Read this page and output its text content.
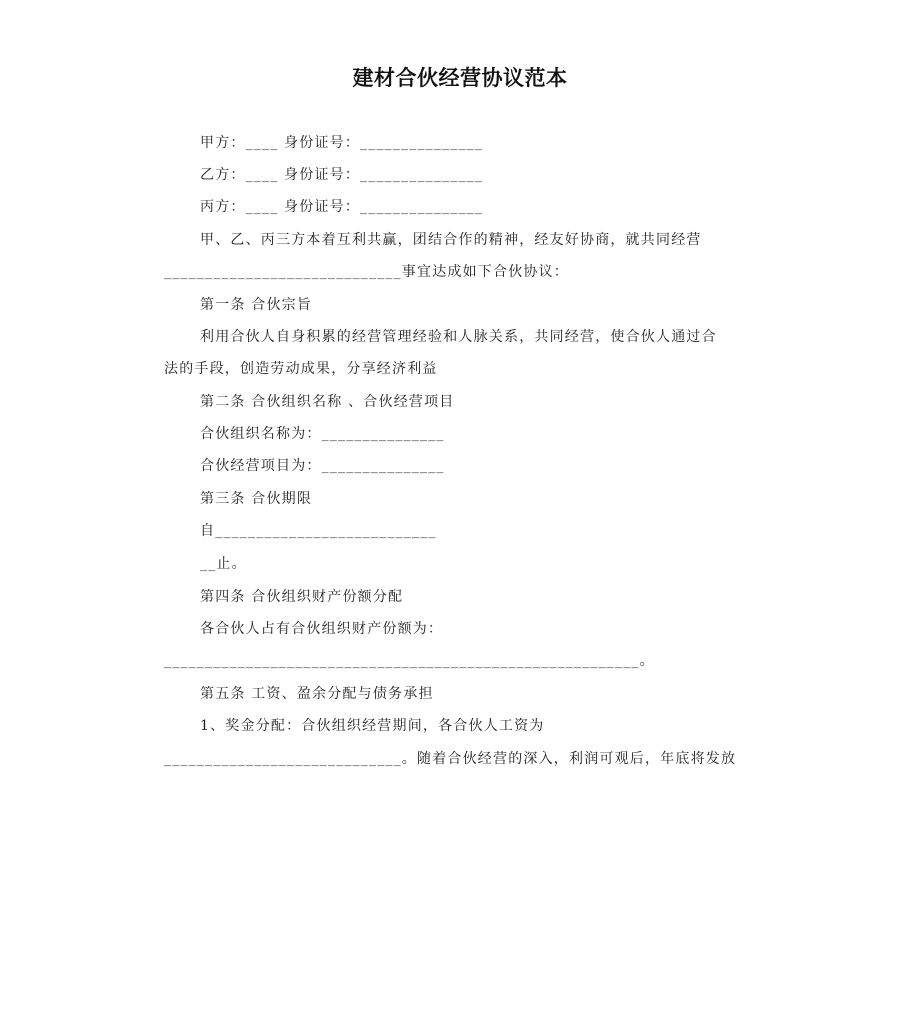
建材合伙经营协议范本
甲方：____ 身份证号：_______________
乙方：____ 身份证号：_______________
丙方：____ 身份证号：_______________
甲、乙、丙三方本着互利共赢，团结合作的精神，经友好协商，就共同经营
_____________________________事宜达成如下合伙协议：
第一条 合伙宗旨
利用合伙人自身积累的经营管理经验和人脉关系，共同经营，使合伙人通过合
法的手段，创造劳动成果，分享经济利益
第二条 合伙组织名称 、合伙经营项目
合伙组织名称为：_______________
合伙经营项目为：_______________
第三条 合伙期限
自___________________________
__止。
第四条 合伙组织财产份额分配
各合伙人占有合伙组织财产份额为：
__________________________________________________________。
第五条 工资、盈余分配与债务承担
1、奖金分配：合伙组织经营期间，各合伙人工资为
_____________________________。随着合伙经营的深入，利润可观后，年底将发放
